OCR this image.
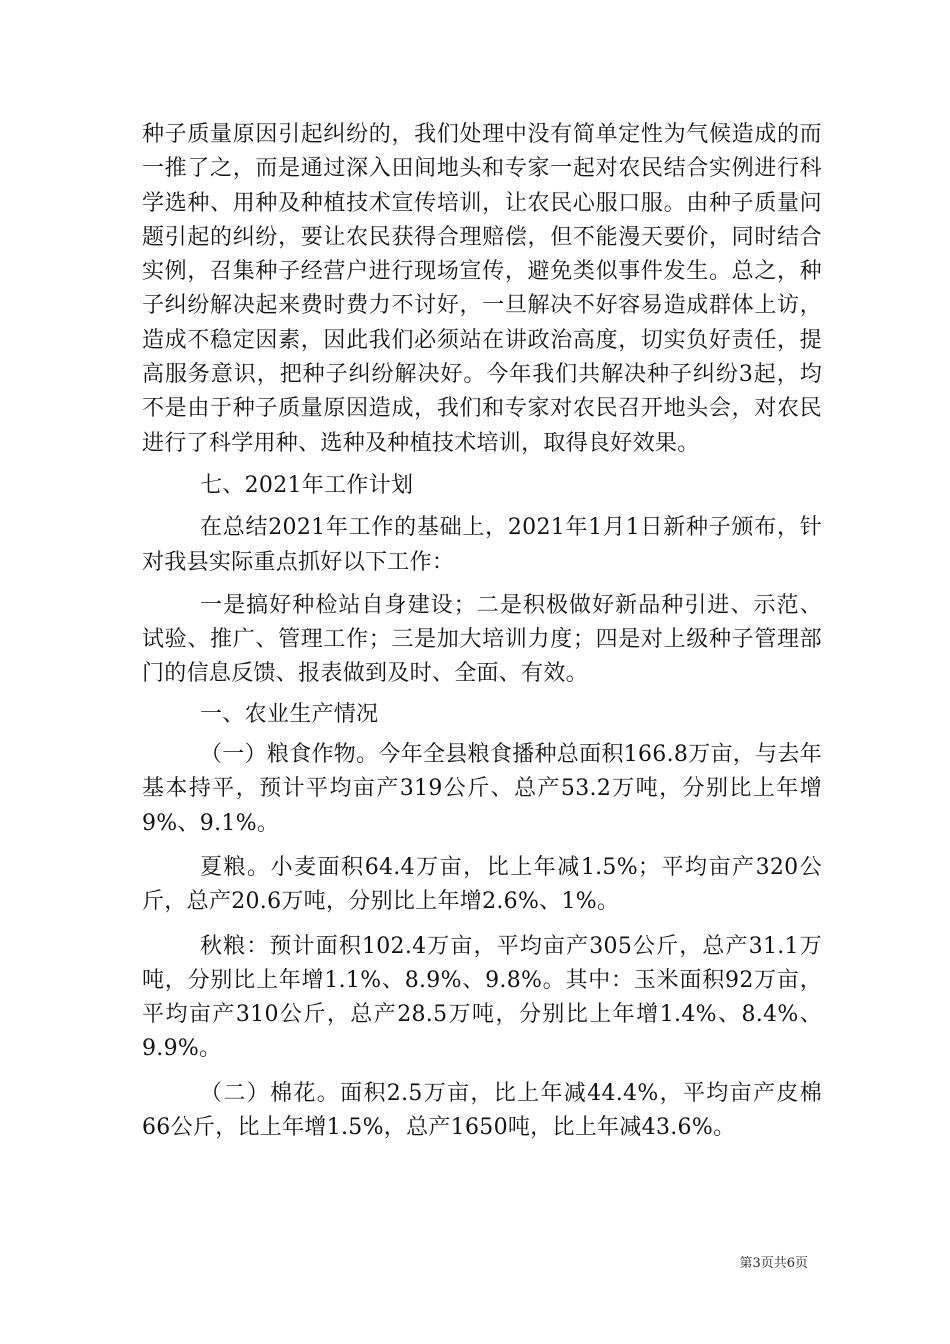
种子质量原因引起纠纷的，我们处理中没有简单定性为气候造成的而一推了之，而是通过深入田间地头和专家一起对农民结合实例进行科学选种、用种及种植技术宣传培训，让农民心服口服。由种子质量问题引起的纠纷，要让农民获得合理赔偿，但不能漫天要价，同时结合实例，召集种子经营户进行现场宣传，避免类似事件发生。总之，种子纠纷解决起来费时费力不讨好，一旦解决不好容易造成群体上访，造成不稳定因素，因此我们必须站在讲政治高度，切实负好责任，提高服务意识，把种子纠纷解决好。今年我们共解决种子纠纷3起，均不是由于种子质量原因造成，我们和专家对农民召开地头会，对农民进行了科学用种、选种及种植技术培训，取得良好效果。

七、2021年工作计划

在总结2021年工作的基础上，2021年1月1日新种子颁布，针对我县实际重点抓好以下工作：

一是搞好种检站自身建设；二是积极做好新品种引进、示范、试验、推广、管理工作；三是加大培训力度；四是对上级种子管理部门的信息反馈、报表做到及时、全面、有效。

一、农业生产情况

（一）粮食作物。今年全县粮食播种总面积166.8万亩，与去年基本持平，预计平均亩产319公斤、总产53.2万吨，分别比上年增9%、9.1%。

夏粮。小麦面积64.4万亩，比上年减1.5%；平均亩产320公斤，总产20.6万吨，分别比上年增2.6%、1%。

秋粮：预计面积102.4万亩，平均亩产305公斤，总产31.1万吨，分别比上年增1.1%、8.9%、9.8%。其中：玉米面积92万亩，平均亩产310公斤，总产28.5万吨，分别比上年增1.4%、8.4%、9.9%。

（二）棉花。面积2.5万亩，比上年减44.4%，平均亩产皮棉66公斤，比上年增1.5%，总产1650吨，比上年减43.6%。

第3页共6页
